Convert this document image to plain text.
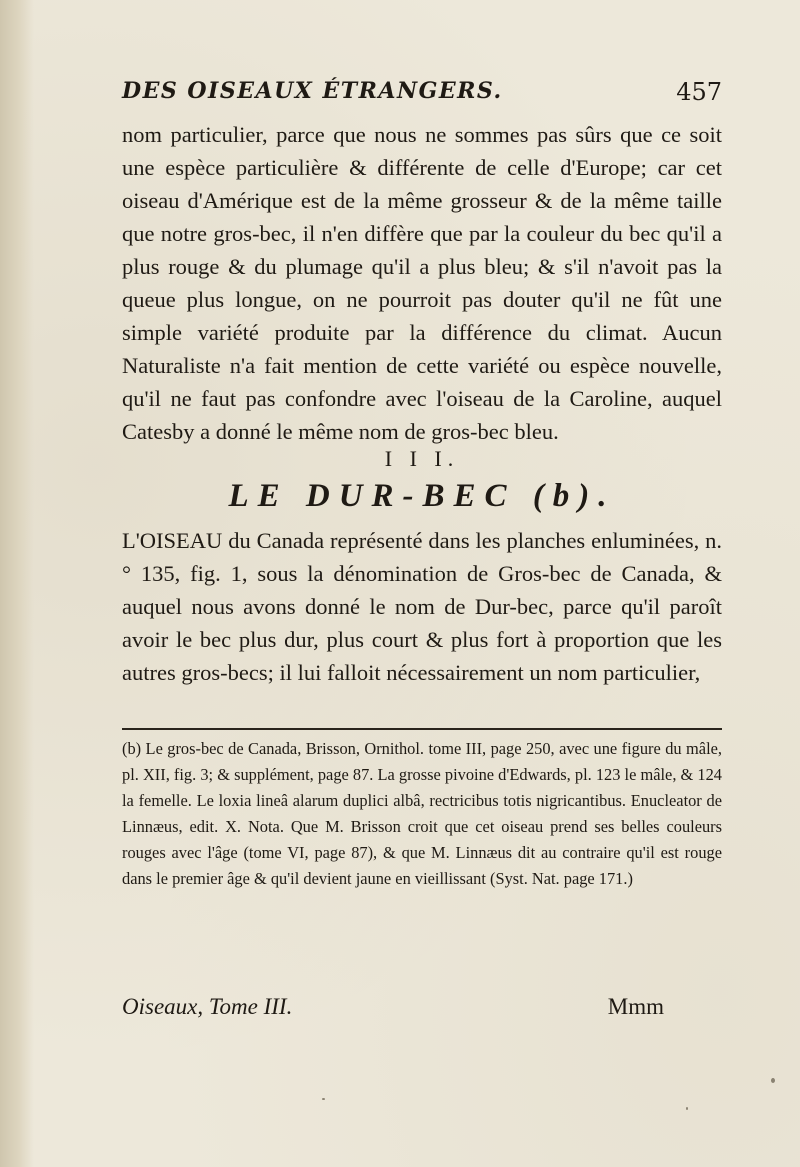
DES OISEAUX ÉTRANGERS.	457

nom particulier, parce que nous ne sommes pas sûrs que ce soit une espèce particulière & différente de celle d'Europe; car cet oiseau d'Amérique est de la même grosseur & de la même taille que notre gros-bec, il n'en diffère que par la couleur du bec qu'il a plus rouge & du plumage qu'il a plus bleu; & s'il n'avoit pas la queue plus longue, on ne pourroit pas douter qu'il ne fût une simple variété produite par la différence du climat. Aucun Naturaliste n'a fait mention de cette variété ou espèce nouvelle, qu'il ne faut pas confondre avec l'oiseau de la Caroline, auquel Catesby a donné le même nom de gros-bec bleu.

I I I.
LE DUR-BEC (b).

L'OISEAU du Canada représenté dans les planches enluminées, n.° 135, fig. 1, sous la dénomination de Gros-bec de Canada, & auquel nous avons donné le nom de Dur-bec, parce qu'il paroît avoir le bec plus dur, plus court & plus fort à proportion que les autres gros-becs; il lui falloit nécessairement un nom particulier,

(b) Le gros-bec de Canada, Brisson, Ornithol. tome III, page 250, avec une figure du mâle, pl. XII, fig. 3; & supplément, page 87. La grosse pivoine d'Edwards, pl. 123 le mâle, & 124 la femelle. Le loxia lineâ alarum duplici albâ, rectricibus totis nigricantibus. Enucleator de Linnæus, edit. X. Nota. Que M. Brisson croit que cet oiseau prend ses belles couleurs rouges avec l'âge (tome VI, page 87), & que M. Linnæus dit au contraire qu'il est rouge dans le premier âge & qu'il devient jaune en vieillissant (Syst. Nat. page 171.)

Oiseaux, Tome III.	Mmm
